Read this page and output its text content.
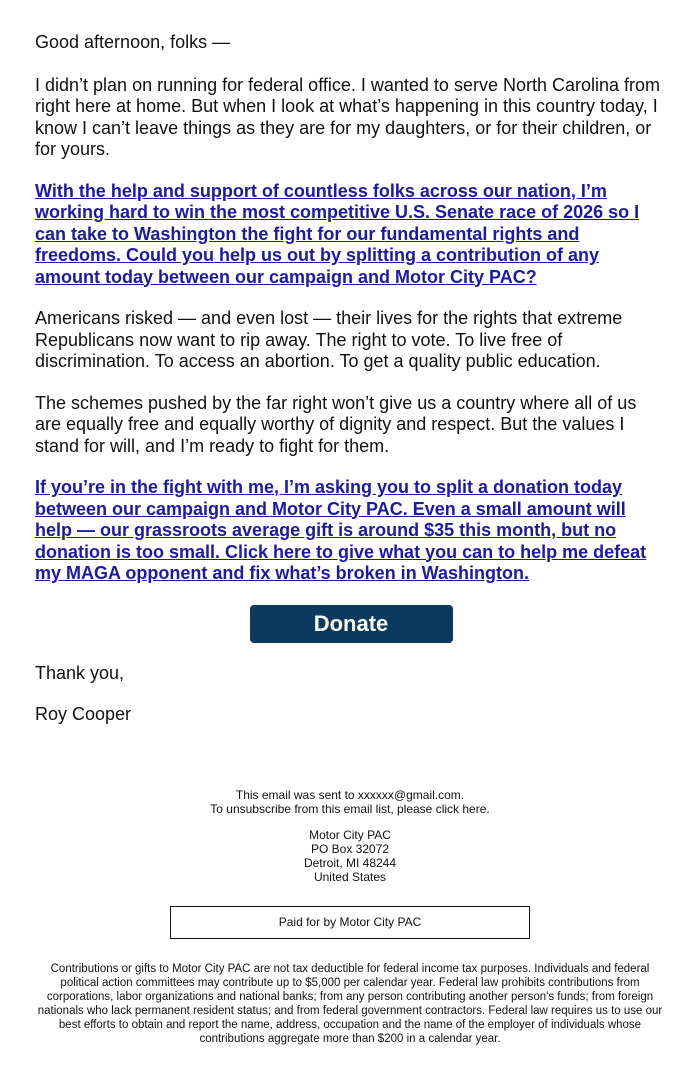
Good afternoon, folks —

I didn’t plan on running for federal office. I wanted to serve North Carolina from right here at home. But when I look at what’s happening in this country today, I know I can’t leave things as they are for my daughters, or for their children, or for yours.

With the help and support of countless folks across our nation, I’m working hard to win the most competitive U.S. Senate race of 2026 so I can take to Washington the fight for our fundamental rights and freedoms. Could you help us out by splitting a contribution of any amount today between our campaign and Motor City PAC?

Americans risked — and even lost — their lives for the rights that extreme Republicans now want to rip away. The right to vote. To live free of discrimination. To access an abortion. To get a quality public education.

The schemes pushed by the far right won’t give us a country where all of us are equally free and equally worthy of dignity and respect. But the values I stand for will, and I’m ready to fight for them.

If you’re in the fight with me, I’m asking you to split a donation today between our campaign and Motor City PAC. Even a small amount will help — our grassroots average gift is around $35 this month, but no donation is too small. Click here to give what you can to help me defeat my MAGA opponent and fix what’s broken in Washington.

Donate

Thank you,

Roy Cooper

This email was sent to xxxxxx@gmail.com.
To unsubscribe from this email list, please click here.
Motor City PAC
PO Box 32072
Detroit, MI 48244
United States
Paid for by Motor City PAC
Contributions or gifts to Motor City PAC are not tax deductible for federal income tax purposes. Individuals and federal political action committees may contribute up to $5,000 per calendar year. Federal law prohibits contributions from corporations, labor organizations and national banks; from any person contributing another person's funds; from foreign nationals who lack permanent resident status; and from federal government contractors. Federal law requires us to use our best efforts to obtain and report the name, address, occupation and the name of the employer of individuals whose contributions aggregate more than $200 in a calendar year.
